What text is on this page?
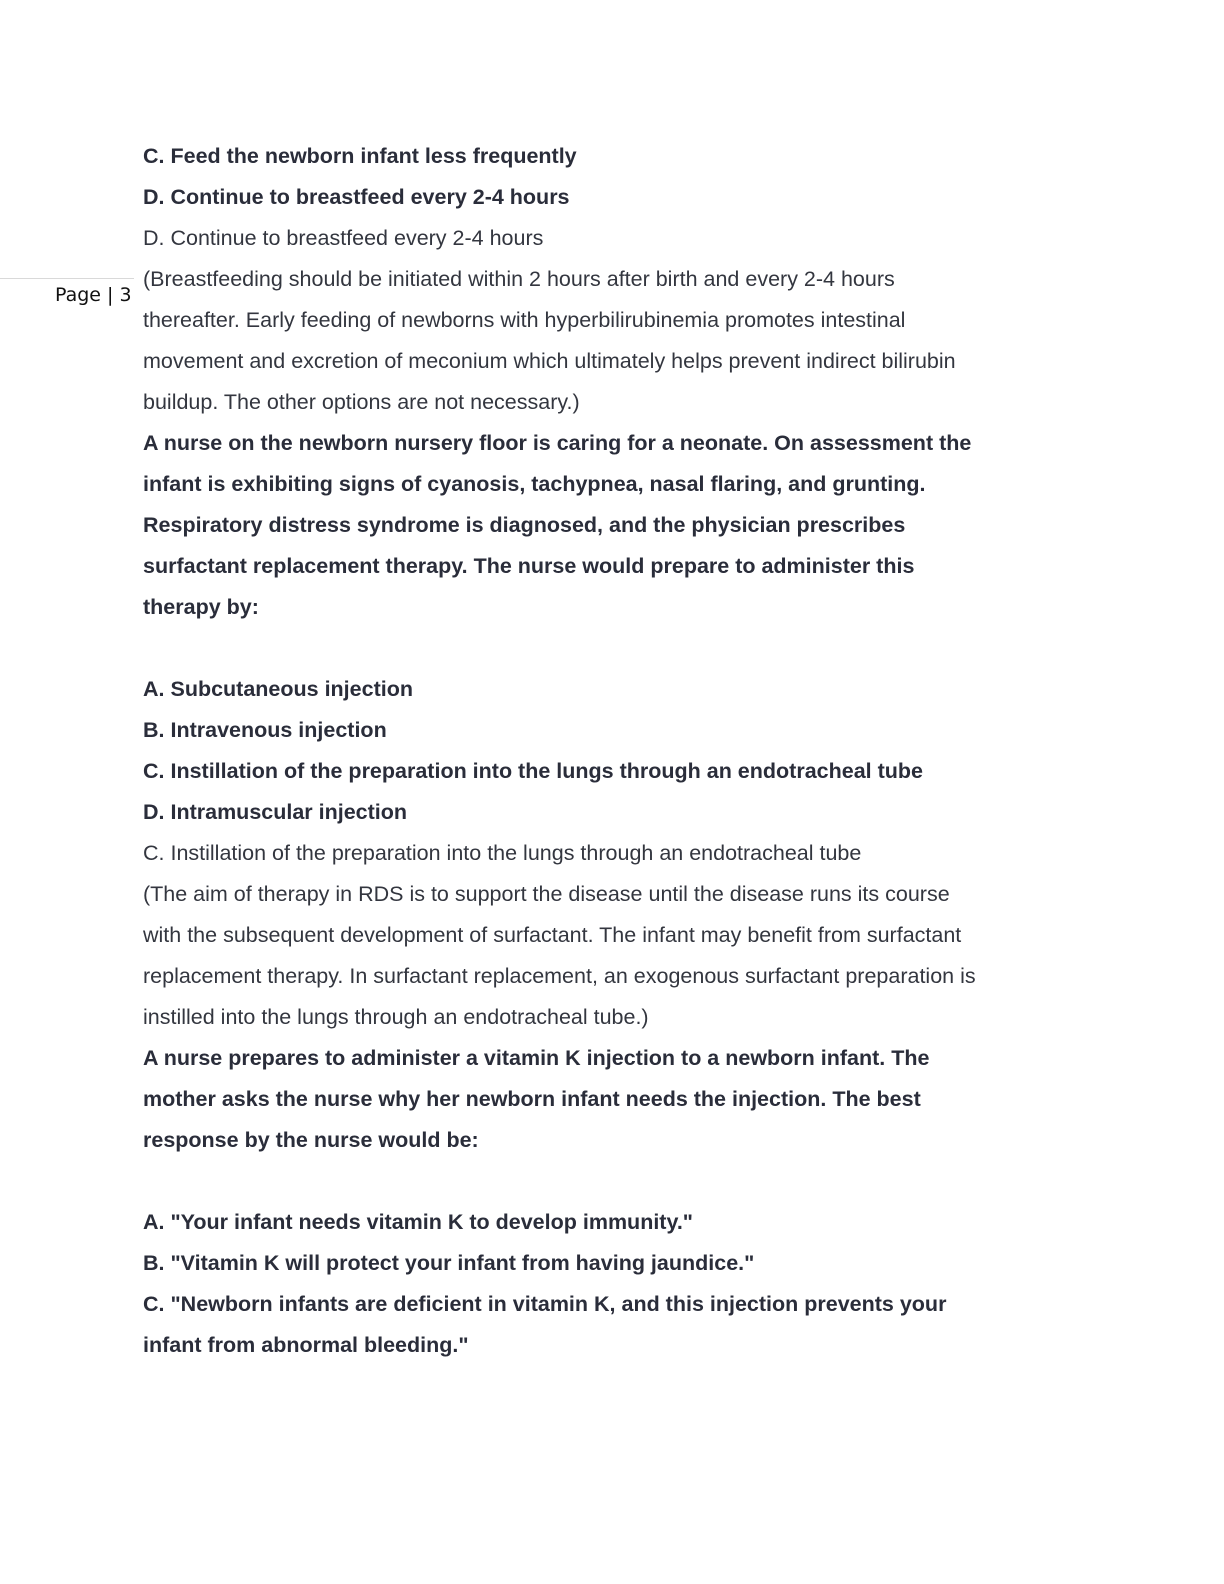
Page | 3

C. Feed the newborn infant less frequently

D. Continue to breastfeed every 2-4 hours

D. Continue to breastfeed every 2-4 hours

(Breastfeeding should be initiated within 2 hours after birth and every 2-4 hours

thereafter. Early feeding of newborns with hyperbilirubinemia promotes intestinal

movement and excretion of meconium which ultimately helps prevent indirect bilirubin

buildup. The other options are not necessary.)

A nurse on the newborn nursery floor is caring for a neonate. On assessment the

infant is exhibiting signs of cyanosis, tachypnea, nasal flaring, and grunting.

Respiratory distress syndrome is diagnosed, and the physician prescribes

surfactant replacement therapy. The nurse would prepare to administer this

therapy by:

A. Subcutaneous injection

B. Intravenous injection

C. Instillation of the preparation into the lungs through an endotracheal tube

D. Intramuscular injection

C. Instillation of the preparation into the lungs through an endotracheal tube

(The aim of therapy in RDS is to support the disease until the disease runs its course

with the subsequent development of surfactant. The infant may benefit from surfactant

replacement therapy. In surfactant replacement, an exogenous surfactant preparation is

instilled into the lungs through an endotracheal tube.)

A nurse prepares to administer a vitamin K injection to a newborn infant. The

mother asks the nurse why her newborn infant needs the injection. The best

response by the nurse would be:

A. "Your infant needs vitamin K to develop immunity."

B. "Vitamin K will protect your infant from having jaundice."

C. "Newborn infants are deficient in vitamin K, and this injection prevents your

infant from abnormal bleeding."
